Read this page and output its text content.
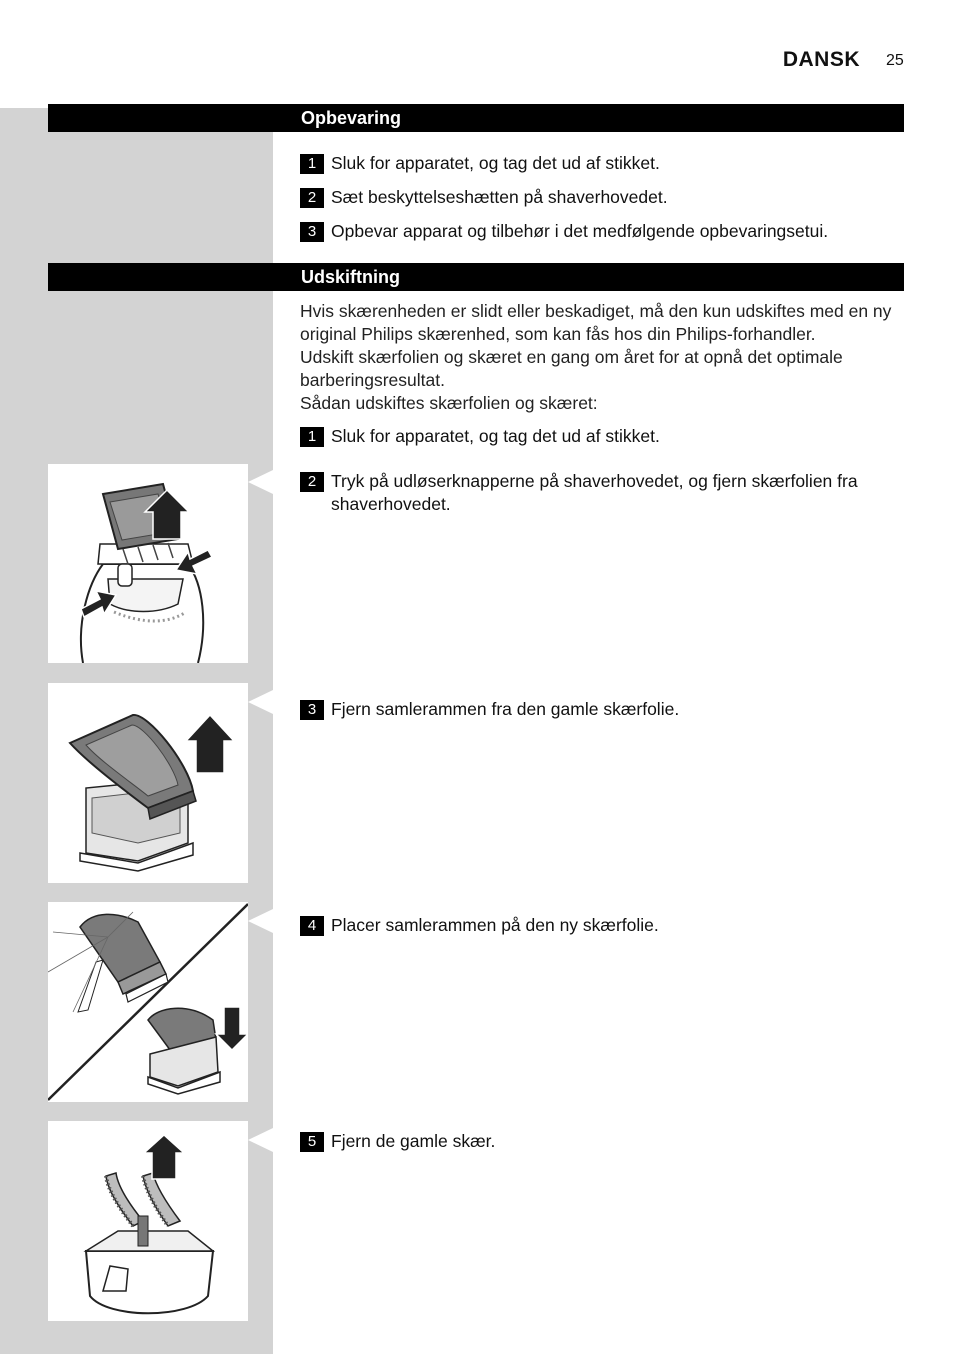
DANSK 25
Opbevaring
1 Sluk for apparatet, og tag det ud af stikket.
2 Sæt beskyttelseshætten på shaverhovedet.
3 Opbevar apparat og tilbehør i det medfølgende opbevaringsetui.
Udskiftning

Hvis skærenheden er slidt eller beskadiget, må den kun udskiftes med en ny original Philips skærenhed, som kan fås hos din Philips-forhandler.

Udskift skærfolien og skæret en gang om året for at opnå det optimale barberingsresultat.

Sådan udskiftes skærfolien og skæret:

1 Sluk for apparatet, og tag det ud af stikket.
2 Tryk på udløserknapperne på shaverhovedet, og fjern skærfolien fra shaverhovedet.
3 Fjern samlerammen fra den gamle skærfolie.
4 Placer samlerammen på den ny skærfolie.
5 Fjern de gamle skær.
